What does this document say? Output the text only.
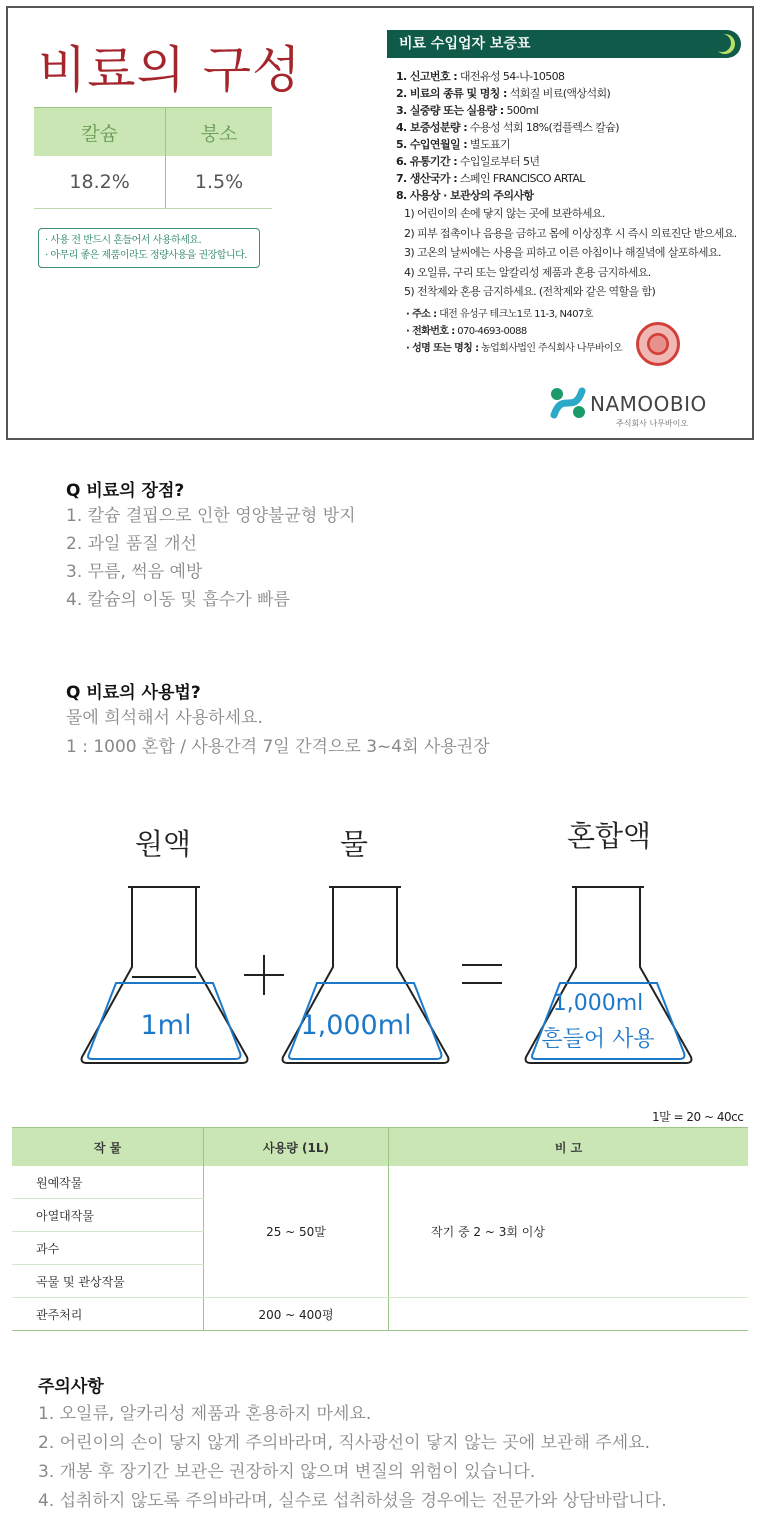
비료의 구성
칼슘	붕소
18.2%	1.5%
· 사용 전 반드시 흔들어서 사용하세요.
· 아무리 좋은 제품이라도 정량사용을 권장합니다.
비료 수입업자 보증표
1. 신고번호 : 대전유성 54-나-10508
2. 비료의 종류 및 명칭 : 석회질 비료(액상석회)
3. 실중량 또는 실용량 : 500ml
4. 보증성분량 : 수용성 석회 18%(컴플렉스 칼슘)
5. 수입연월일 : 별도표기
6. 유통기간 : 수입일로부터 5년
7. 생산국가 : 스페인 FRANCISCO ARTAL
8. 사용상 · 보관상의 주의사항
1) 어린이의 손에 닿지 않는 곳에 보관하세요.
2) 피부 접촉이나 음용을 금하고 몸에 이상징후 시 즉시 의료진단 받으세요.
3) 고온의 날씨에는 사용을 피하고 이른 아침이나 해질녘에 살포하세요.
4) 오일류, 구리 또는 알칼리성 제품과 혼용 금지하세요.
5) 전착제와 혼용 금지하세요. (전착제와 같은 역할을 함)
· 주소 : 대전 유성구 테크노1로 11-3, N407호
· 전화번호 : 070-4693-0088
· 성명 또는 명칭 : 농업회사법인 주식회사 나무바이오
NAMOOBIO
주식회사 나무바이오
Q 비료의 장점?
1. 칼슘 결핍으로 인한 영양불균형 방지
2. 과일 품질 개선
3. 무름, 썩음 예방
4. 칼슘의 이동 및 흡수가 빠름
Q 비료의 사용법?
물에 희석해서 사용하세요.
1 : 1000 혼합 / 사용간격 7일 간격으로 3~4회 사용권장
원액	물	혼합액
1ml	1,000ml
1,000ml
흔들어 사용
1말 = 20 ~ 40cc
작 물	사용량 (1L)	비 고
원예작물	25 ~ 50말	작기 중 2 ~ 3회 이상
아열대작물		
과수		
곡물 및 관상작물		
관주처리	200 ~ 400평	
주의사항
1. 오일류, 알카리성 제품과 혼용하지 마세요.
2. 어린이의 손이 닿지 않게 주의바라며, 직사광선이 닿지 않는 곳에 보관해 주세요.
3. 개봉 후 장기간 보관은 권장하지 않으며 변질의 위험이 있습니다.
4. 섭취하지 않도록 주의바라며, 실수로 섭취하셨을 경우에는 전문가와 상담바랍니다.
